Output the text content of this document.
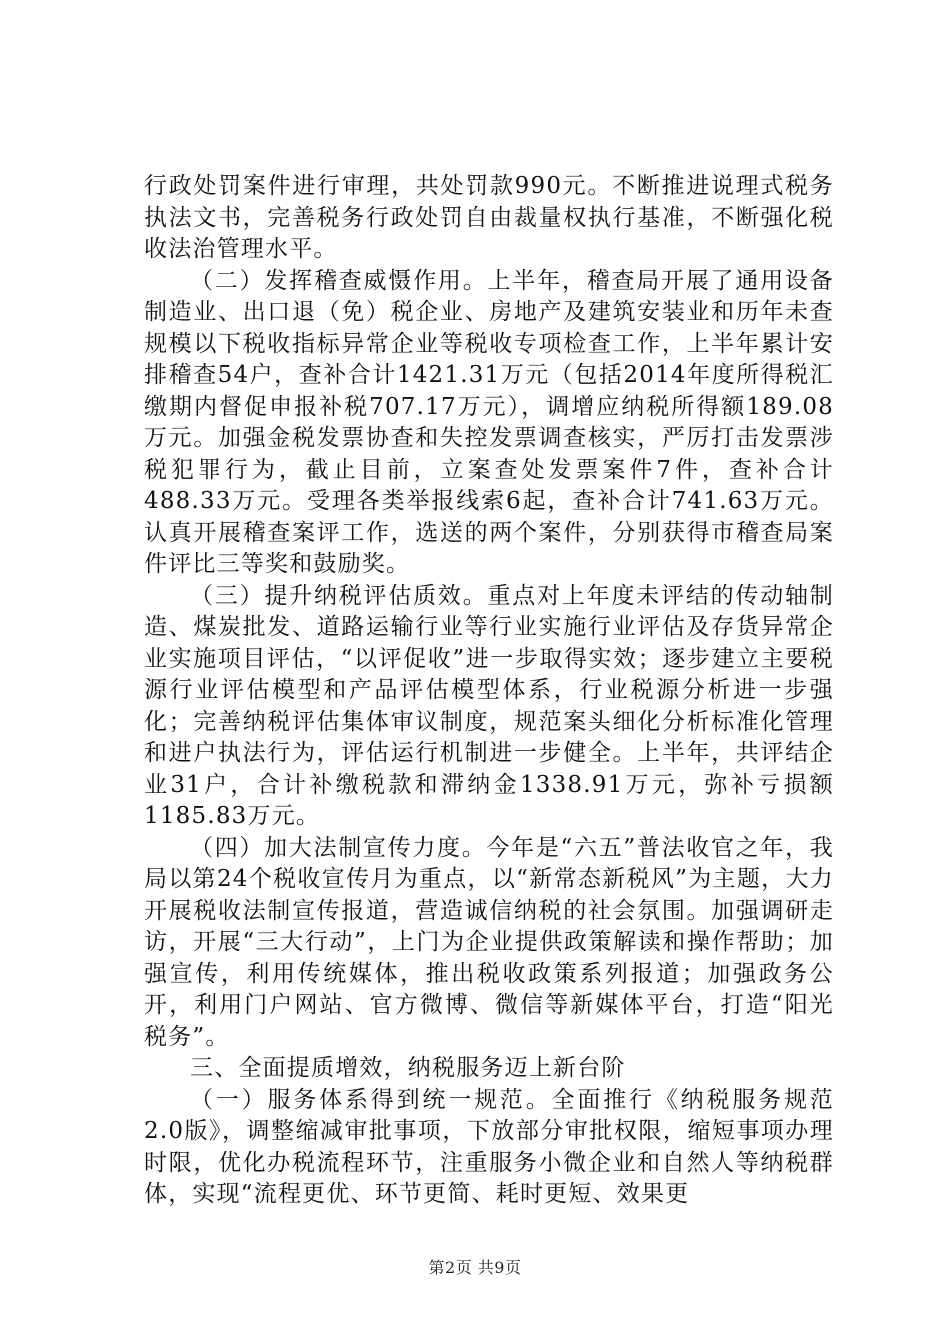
行政处罚案件进行审理，共处罚款990元。不断推进说理式税务执法文书，完善税务行政处罚自由裁量权执行基准，不断强化税收法治管理水平。

（二）发挥稽查威慑作用。上半年，稽查局开展了通用设备制造业、出口退（免）税企业、房地产及建筑安装业和历年未查规模以下税收指标异常企业等税收专项检查工作，上半年累计安排稽查54户，查补合计1421.31万元（包括2014年度所得税汇缴期内督促申报补税707.17万元），调增应纳税所得额189.08万元。加强金税发票协查和失控发票调查核实，严厉打击发票涉税犯罪行为，截止目前，立案查处发票案件7件，查补合计488.33万元。受理各类举报线索6起，查补合计741.63万元。认真开展稽查案评工作，选送的两个案件，分别获得市稽查局案件评比三等奖和鼓励奖。

（三）提升纳税评估质效。重点对上年度未评结的传动轴制造、煤炭批发、道路运输行业等行业实施行业评估及存货异常企业实施项目评估，“以评促收”进一步取得实效；逐步建立主要税源行业评估模型和产品评估模型体系，行业税源分析进一步强化；完善纳税评估集体审议制度，规范案头细化分析标准化管理和进户执法行为，评估运行机制进一步健全。上半年，共评结企业31户，合计补缴税款和滞纳金1338.91万元，弥补亏损额1185.83万元。

（四）加大法制宣传力度。今年是“六五”普法收官之年，我局以第24个税收宣传月为重点，以“新常态新税风”为主题，大力开展税收法制宣传报道，营造诚信纳税的社会氛围。加强调研走访，开展“三大行动”，上门为企业提供政策解读和操作帮助；加强宣传，利用传统媒体，推出税收政策系列报道；加强政务公开，利用门户网站、官方微博、微信等新媒体平台，打造“阳光税务”。

三、全面提质增效，纳税服务迈上新台阶

（一）服务体系得到统一规范。全面推行《纳税服务规范2.0版》，调整缩减审批事项，下放部分审批权限，缩短事项办理时限，优化办税流程环节，注重服务小微企业和自然人等纳税群体，实现“流程更优、环节更简、耗时更短、效果更

第2页 共9页
